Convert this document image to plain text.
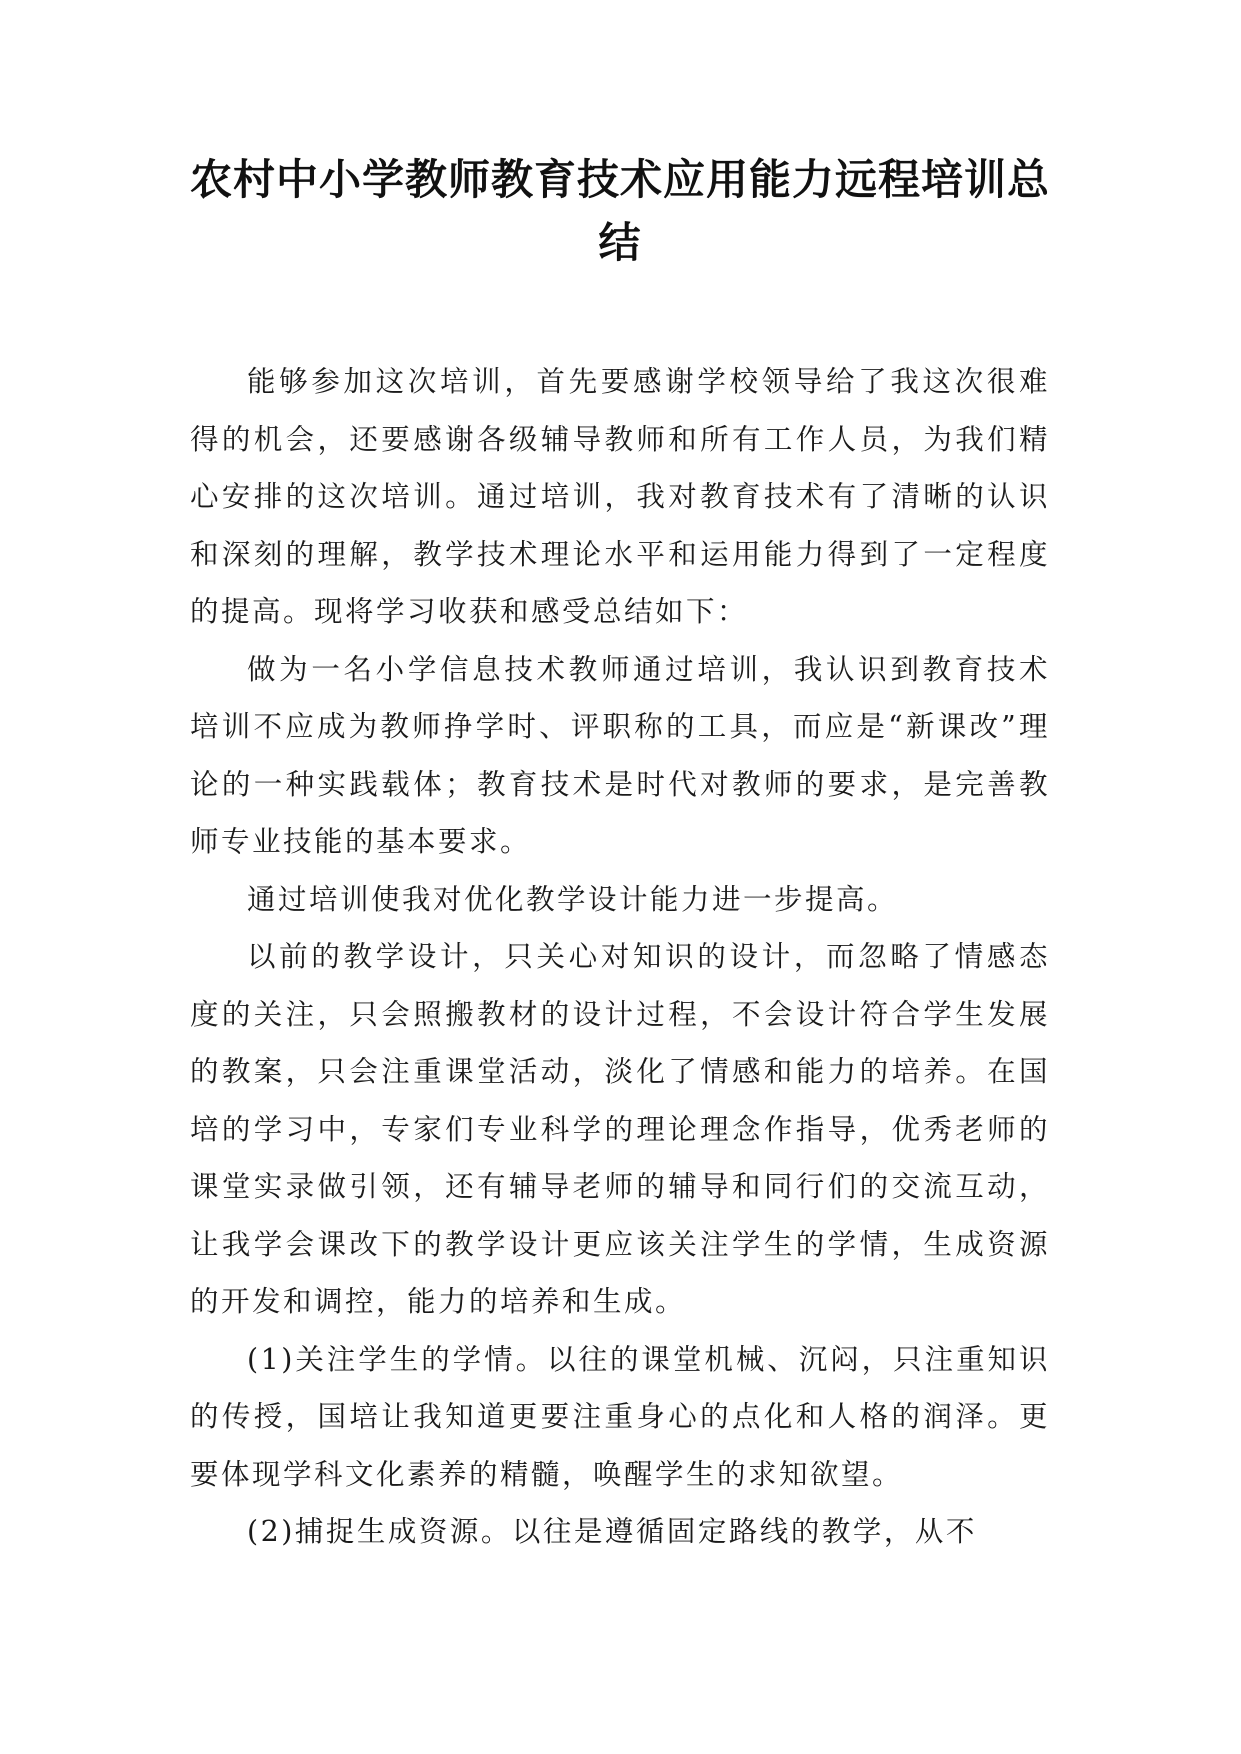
农村中小学教师教育技术应用能力远程培训总结

能够参加这次培训，首先要感谢学校领导给了我这次很难得的机会，还要感谢各级辅导教师和所有工作人员，为我们精心安排的这次培训。通过培训，我对教育技术有了清晰的认识和深刻的理解，教学技术理论水平和运用能力得到了一定程度的提高。现将学习收获和感受总结如下：

做为一名小学信息技术教师通过培训，我认识到教育技术培训不应成为教师挣学时、评职称的工具，而应是“新课改”理论的一种实践载体；教育技术是时代对教师的要求，是完善教师专业技能的基本要求。

通过培训使我对优化教学设计能力进一步提高。

以前的教学设计，只关心对知识的设计，而忽略了情感态度的关注，只会照搬教材的设计过程，不会设计符合学生发展的教案，只会注重课堂活动，淡化了情感和能力的培养。在国培的学习中，专家们专业科学的理论理念作指导，优秀老师的课堂实录做引领，还有辅导老师的辅导和同行们的交流互动，让我学会课改下的教学设计更应该关注学生的学情，生成资源的开发和调控，能力的培养和生成。

(1)关注学生的学情。以往的课堂机械、沉闷，只注重知识的传授，国培让我知道更要注重身心的点化和人格的润泽。更要体现学科文化素养的精髓，唤醒学生的求知欲望。

(2)捕捉生成资源。以往是遵循固定路线的教学，从不
